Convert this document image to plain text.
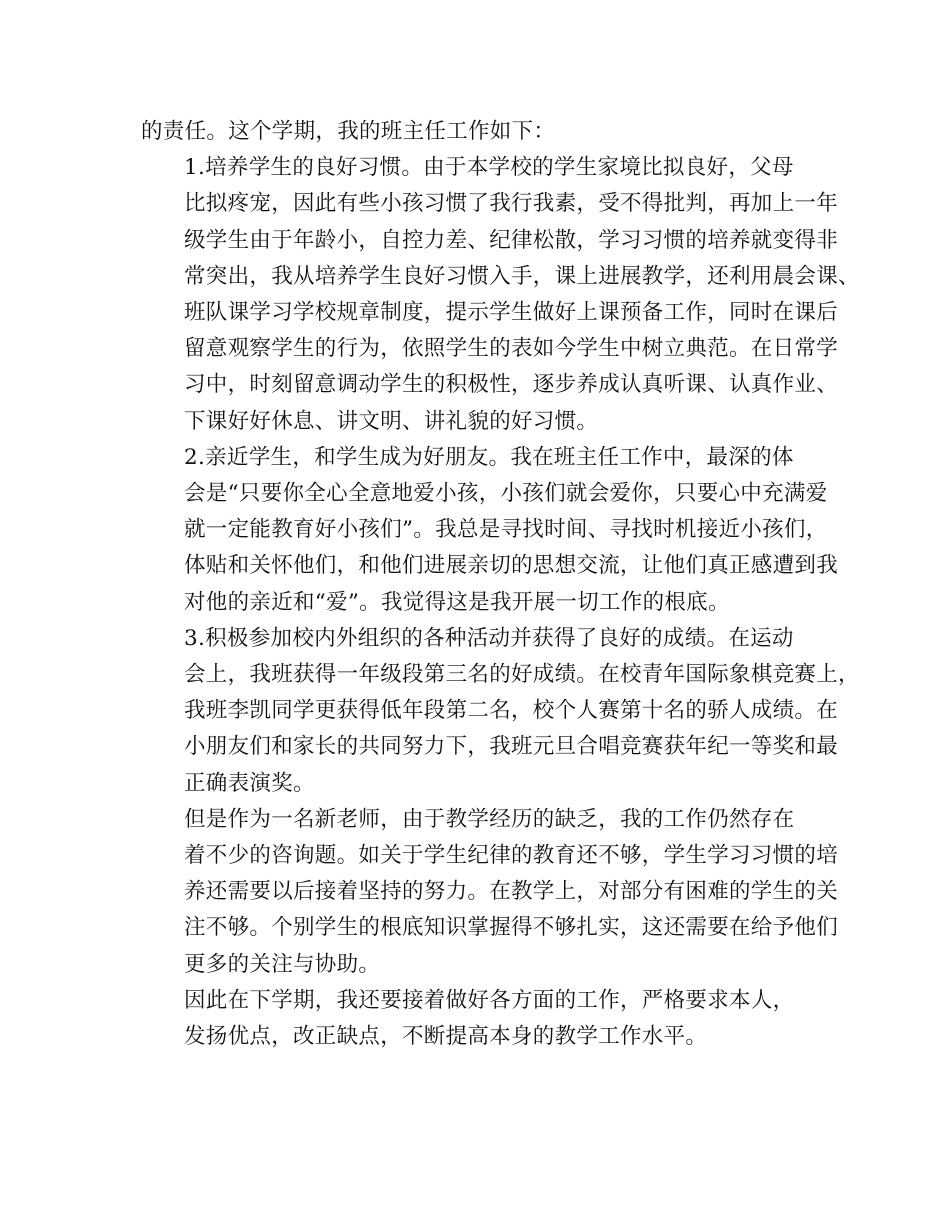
的责任。这个学期，我的班主任工作如下：

1.培养学生的良好习惯。由于本学校的学生家境比拟良好，父母
比拟疼宠，因此有些小孩习惯了我行我素，受不得批判，再加上一年
级学生由于年龄小，自控力差、纪律松散，学习习惯的培养就变得非
常突出，我从培养学生良好习惯入手，课上进展教学，还利用晨会课、
班队课学习学校规章制度，提示学生做好上课预备工作，同时在课后
留意观察学生的行为，依照学生的表如今学生中树立典范。在日常学
习中，时刻留意调动学生的积极性，逐步养成认真听课、认真作业、
下课好好休息、讲文明、讲礼貌的好习惯。

2.亲近学生，和学生成为好朋友。我在班主任工作中，最深的体
会是“只要你全心全意地爱小孩，小孩们就会爱你，只要心中充满爱
就一定能教育好小孩们”。我总是寻找时间、寻找时机接近小孩们，
体贴和关怀他们，和他们进展亲切的思想交流，让他们真正感遭到我
对他的亲近和“爱”。我觉得这是我开展一切工作的根底。

3.积极参加校内外组织的各种活动并获得了良好的成绩。在运动
会上，我班获得一年级段第三名的好成绩。在校青年国际象棋竞赛上，
我班李凯同学更获得低年段第二名，校个人赛第十名的骄人成绩。在
小朋友们和家长的共同努力下，我班元旦合唱竞赛获年纪一等奖和最
正确表演奖。

但是作为一名新老师，由于教学经历的缺乏，我的工作仍然存在
着不少的咨询题。如关于学生纪律的教育还不够，学生学习习惯的培
养还需要以后接着坚持的努力。在教学上，对部分有困难的学生的关
注不够。个别学生的根底知识掌握得不够扎实，这还需要在给予他们
更多的关注与协助。

因此在下学期，我还要接着做好各方面的工作，严格要求本人，
发扬优点，改正缺点，不断提高本身的教学工作水平。
